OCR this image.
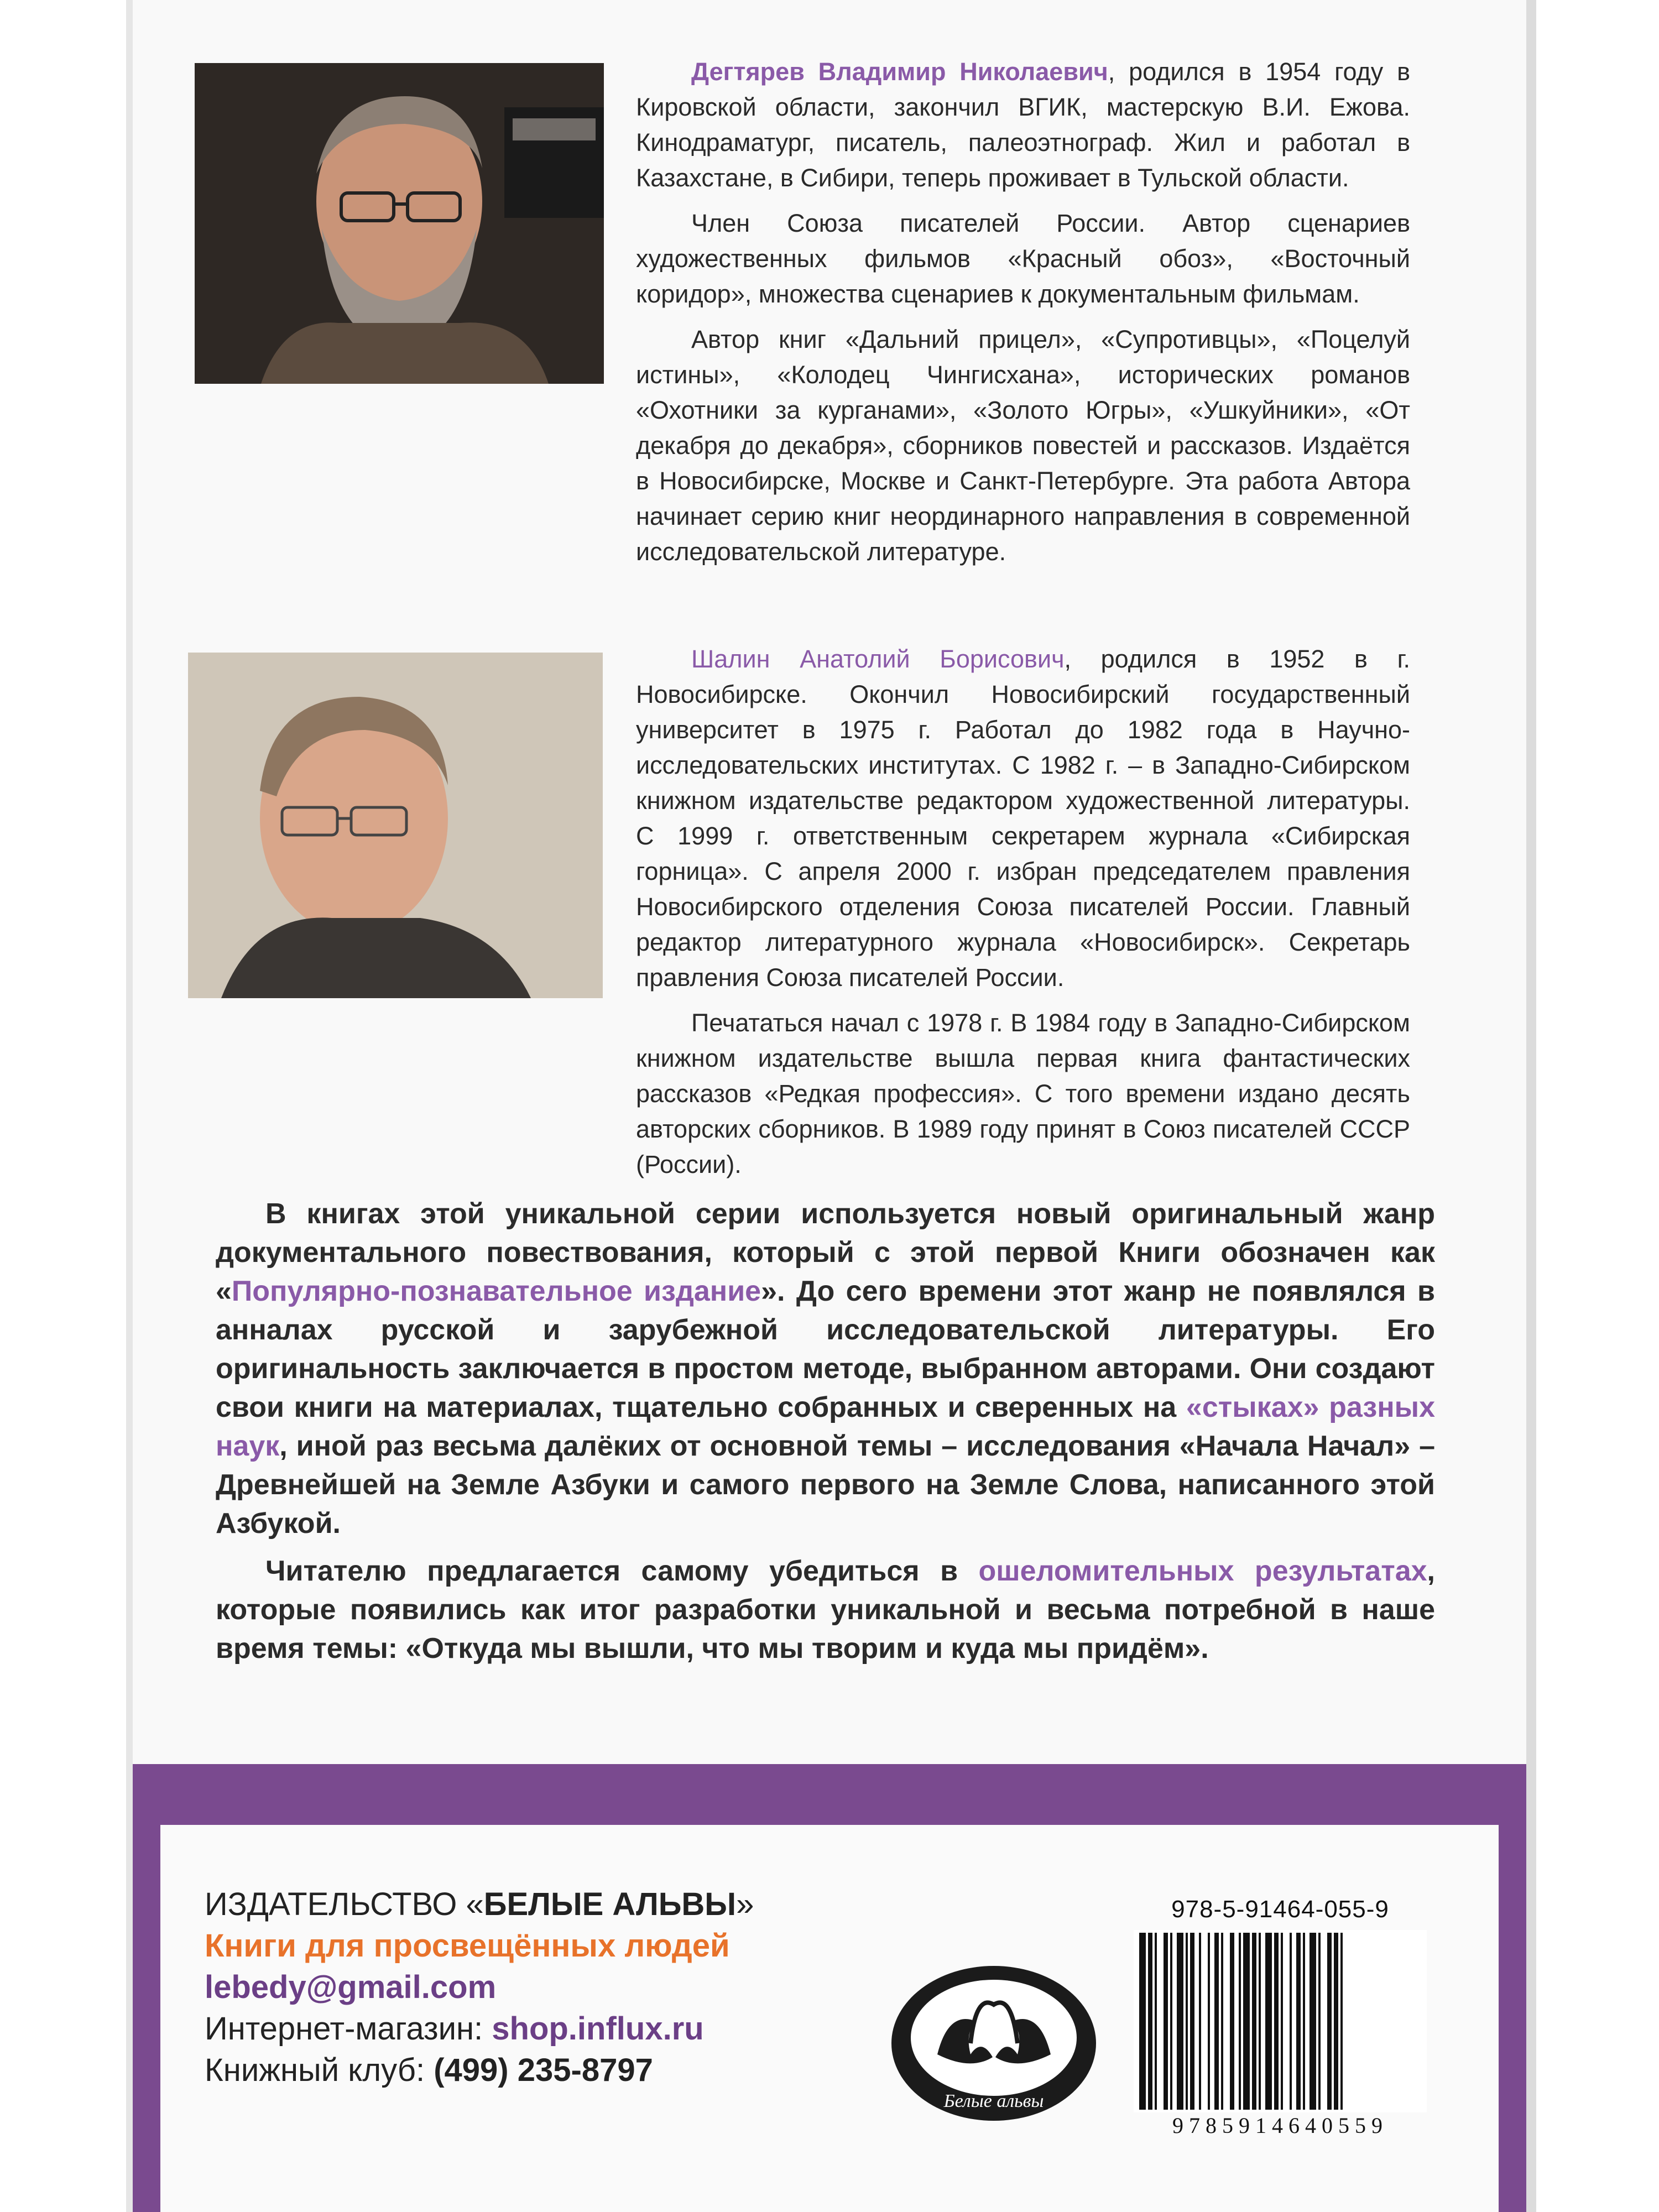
Дегтярев Владимир Николаевич, родился в 1954 году в Кировской области, закончил ВГИК, мастерскую В.И. Ежова. Кинодраматург, писатель, палеоэтнограф. Жил и работал в Казахстане, в Сибири, теперь проживает в Тульской области.

Член Союза писателей России. Автор сценариев художественных фильмов «Красный обоз», «Восточный коридор», множества сценариев к документальным фильмам.

Автор книг «Дальний прицел», «Супротивцы», «Поцелуй истины», «Колодец Чингисхана», исторических романов «Охотники за курганами», «Золото Югры», «Ушкуйники», «От декабря до декабря», сборников повестей и рассказов. Издаётся в Новосибирске, Москве и Санкт-Петербурге. Эта работа Автора начинает серию книг неординарного направления в современной исследовательской литературе.

Шалин Анатолий Борисович, родился в 1952 в г. Новосибирске. Окончил Новосибирский государственный университет в 1975 г. Работал до 1982 года в Научно-исследовательских институтах. С 1982 г. – в Западно-Сибирском книжном издательстве редактором художественной литературы. С 1999 г. ответственным секретарем журнала «Сибирская горница». С апреля 2000 г. избран председателем правления Новосибирского отделения Союза писателей России. Главный редактор литературного журнала «Новосибирск». Секретарь правления Союза писателей России.

Печататься начал с 1978 г. В 1984 году в Западно-Сибирском книжном издательстве вышла первая книга фантастических рассказов «Редкая профессия». С того времени издано десять авторских сборников. В 1989 году принят в Союз писателей СССР (России).

В книгах этой уникальной серии используется новый оригинальный жанр документального повествования, который с этой первой Книги обозначен как «Популярно-познавательное издание». До сего времени этот жанр не появлялся в анналах русской и зарубежной исследовательской литературы. Его оригинальность заключается в простом методе, выбранном авторами. Они создают свои книги на материалах, тщательно собранных и сверенных на «стыках» разных наук, иной раз весьма далёких от основной темы – исследования «Начала Начал» – Древнейшей на Земле Азбуки и самого первого на Земле Слова, написанного этой Азбукой.

Читателю предлагается самому убедиться в ошеломительных результатах, которые появились как итог разработки уникальной и весьма потребной в наше время темы: «Откуда мы вышли, что мы творим и куда мы придём».

ИЗДАТЕЛЬСТВО «БЕЛЫЕ АЛЬВЫ»
Книги для просвещённых людей
lebedy@gmail.com
Интернет-магазин: shop.influx.ru
Книжный клуб: (499) 235-8797
Белые альвы
978-5-91464-055-9
9785914640559
